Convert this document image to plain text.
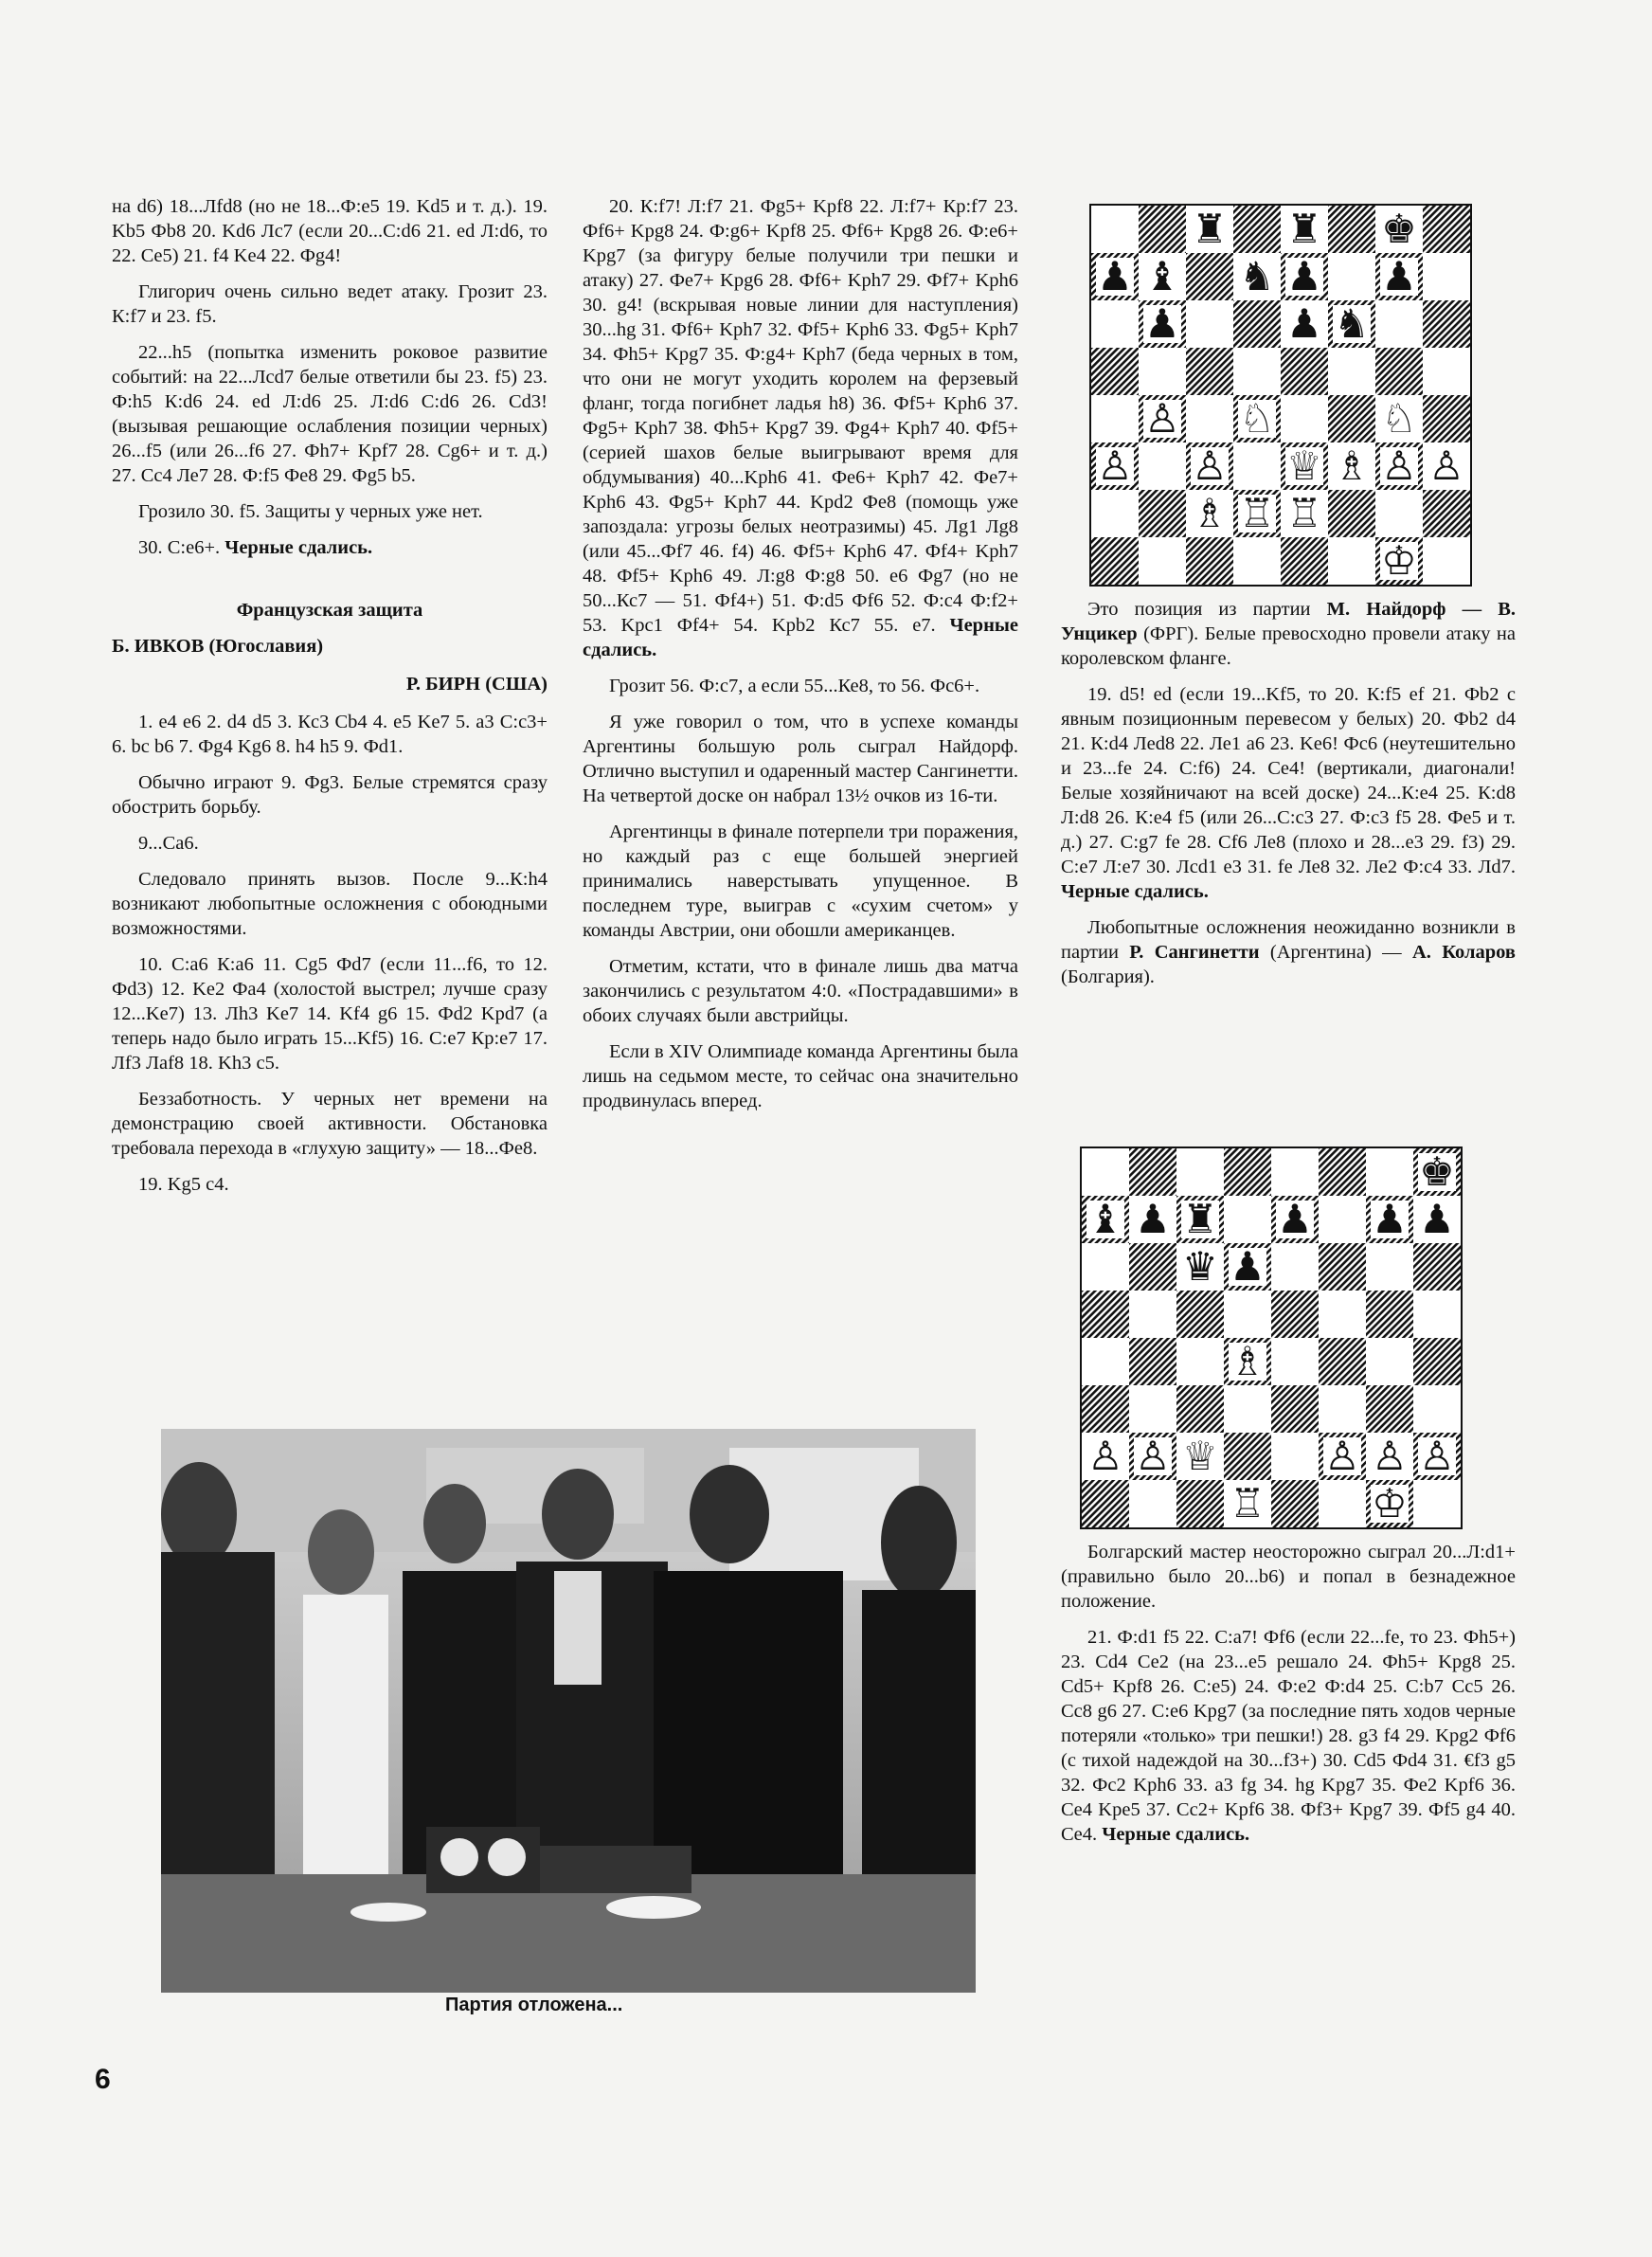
на d6) 18...Лfd8 (но не 18...Ф:е5 19. Kd5 и т. д.). 19. Kb5 Фb8 20. Kd6 Лс7 (если 20...С:d6 21. ed Л:d6, то 22. Ce5) 21. f4 Ke4 22. Фg4!

Глигорич очень сильно ведет атаку. Грозит 23. К:f7 и 23. f5.

22...h5 (попытка изменить роковое развитие событий: на 22...Лcd7 белые ответили бы 23. f5) 23. Ф:h5 К:d6 24. ed Л:d6 25. Л:d6 С:d6 26. Cd3! (вызывая решающие ослабления позиции черных) 26...f5 (или 26...f6 27. Фh7+ Kpf7 28. Cg6+ и т. д.) 27. Cc4 Ле7 28. Ф:f5 Фе8 29. Фg5 b5.

Грозило 30. f5. Защиты у черных уже нет.

30. С:е6+. Черные сдались.

Французская защита
Б. ИВКОВ (Югославия)
Р. БИРН (США)

1. e4 e6 2. d4 d5 3. Кc3 Cb4 4. e5 Ke7 5. a3 С:c3+ 6. bc b6 7. Фg4 Kg6 8. h4 h5 9. Фd1.

Обычно играют 9. Фg3. Белые стремятся сразу обострить борьбу.

9...Са6.

Следовало принять вызов. После 9...К:h4 возникают любопытные осложнения с обоюдными возможностями.

10. С:а6 К:а6 11. Cg5 Фd7 (если 11...f6, то 12. Фd3) 12. Ke2 Фа4 (холостой выстрел; лучше сразу 12...Ke7) 13. Лh3 Ke7 14. Kf4 g6 15. Фd2 Kpd7 (а теперь надо было играть 15...Kf5) 16. С:е7 Кр:е7 17. Лf3 Лаf8 18. Kh3 c5.

Беззаботность. У черных нет времени на демонстрацию своей активности. Обстановка требовала перехода в «глухую защиту» — 18...Фе8.

19. Kg5 c4.

20. К:f7! Л:f7 21. Фg5+ Kpf8 22. Л:f7+ Кр:f7 23. Фf6+ Kpg8 24. Ф:g6+ Kpf8 25. Фf6+ Kpg8 26. Ф:е6+ Kpg7 (за фигуру белые получили три пешки и атаку) 27. Фе7+ Kpg6 28. Фf6+ Kph7 29. Фf7+ Kph6 30. g4! (вскрывая новые линии для наступления) 30...hg 31. Фf6+ Kph7 32. Фf5+ Kph6 33. Фg5+ Kph7 34. Фh5+ Kpg7 35. Ф:g4+ Kph7 (беда черных в том, что они не могут уходить королем на ферзевый фланг, тогда погибнет ладья h8) 36. Фf5+ Kph6 37. Фg5+ Kph7 38. Фh5+ Kpg7 39. Фg4+ Kph7 40. Фf5+ (серией шахов белые выигрывают время для обдумывания) 40...Kph6 41. Фе6+ Kph7 42. Фе7+ Kph6 43. Фg5+ Kph7 44. Kpd2 Фе8 (помощь уже запоздала: угрозы белых неотразимы) 45. Лg1 Лg8 (или 45...Фf7 46. f4) 46. Фf5+ Kph6 47. Фf4+ Kph7 48. Фf5+ Kph6 49. Л:g8 Ф:g8 50. e6 Фg7 (но не 50...Кс7 — 51. Фf4+) 51. Ф:d5 Фf6 52. Ф:с4 Ф:f2+ 53. Kpc1 Фf4+ 54. Kpb2 Кс7 55. e7. Черные сдались.

Грозит 56. Ф:с7, а если 55...Ке8, то 56. Фс6+.

Я уже говорил о том, что в успехе команды Аргентины большую роль сыграл Найдорф. Отлично выступил и одаренный мастер Сангинетти. На четвертой доске он набрал 13½ очков из 16-ти.

Аргентинцы в финале потерпели три поражения, но каждый раз с еще большей энергией принимались наверстывать упущенное. В последнем туре, выиграв с «сухим счетом» у команды Австрии, они обошли американцев.

Отметим, кстати, что в финале лишь два матча закончились с результатом 4:0. «Пострадавшими» в обоих случаях были австрийцы.

Если в XIV Олимпиаде команда Аргентины была лишь на седьмом месте, то сейчас она значительно продвинулась вперед.

♜ ♜ ♚
♟ ♝ ♞ ♟ ♟
♟	♟ ♞
♙ ♘	♘
♙ ♙ ♕ ♗ ♙ ♙
♗ ♖ ♖
♔

Это позиция из партии М. Найдорф — В. Унцикер (ФРГ). Белые превосходно провели атаку на королевском фланге.

19. d5! ed (если 19...Kf5, то 20. К:f5 ef 21. Фb2 с явным позиционным перевесом у белых) 20. Фb2 d4 21. К:d4 Лed8 22. Ле1 а6 23. Ke6! Фс6 (неутешительно и 23...fe 24. C:f6) 24. Ce4! (вертикали, диагонали! Белые хозяйничают на всей доске) 24...К:е4 25. К:d8 Л:d8 26. К:е4 f5 (или 26...C:c3 27. Ф:c3 f5 28. Фе5 и т. д.) 27. C:g7 fe 28. Cf6 Ле8 (плохо и 28...e3 29. f3) 29. C:e7 Л:e7 30. Лcd1 e3 31. fe Ле8 32. Ле2 Ф:с4 33. Лd7. Черные сдались.

Любопытные осложнения неожиданно возникли в партии Р. Сангинетти (Аргентина) — А. Коларов (Болгария).

♚
♝ ♟ ♜ ♟ ♟ ♟
♟
♛
♗
♙ ♙ ♕	♙ ♙ ♙
♖	♔

Болгарский мастер неосторожно сыграл 20...Л:d1+ (правильно было 20...b6) и попал в безнадежное положение.

21. Ф:d1 f5 22. C:a7! Фf6 (если 22...fe, то 23. Фh5+) 23. Cd4 Ce2 (на 23...e5 решало 24. Фh5+ Kpg8 25. Cd5+ Kpf8 26. C:e5) 24. Ф:е2 Ф:d4 25. C:b7 Cc5 26. Cc8 g6 27. C:e6 Kpg7 (за последние пять ходов черные потеряли «только» три пешки!) 28. g3 f4 29. Kpg2 Фf6 (с тихой надеждой на 30...f3+) 30. Cd5 Фd4 31. €f3 g5 32. Фс2 Kph6 33. a3 fg 34. hg Kpg7 35. Фе2 Kpf6 36. Ce4 Kpe5 37. Cc2+ Kpf6 38. Фf3+ Kpg7 39. Фf5 g4 40. Ce4. Черные сдались.

Партия отложена...
6
